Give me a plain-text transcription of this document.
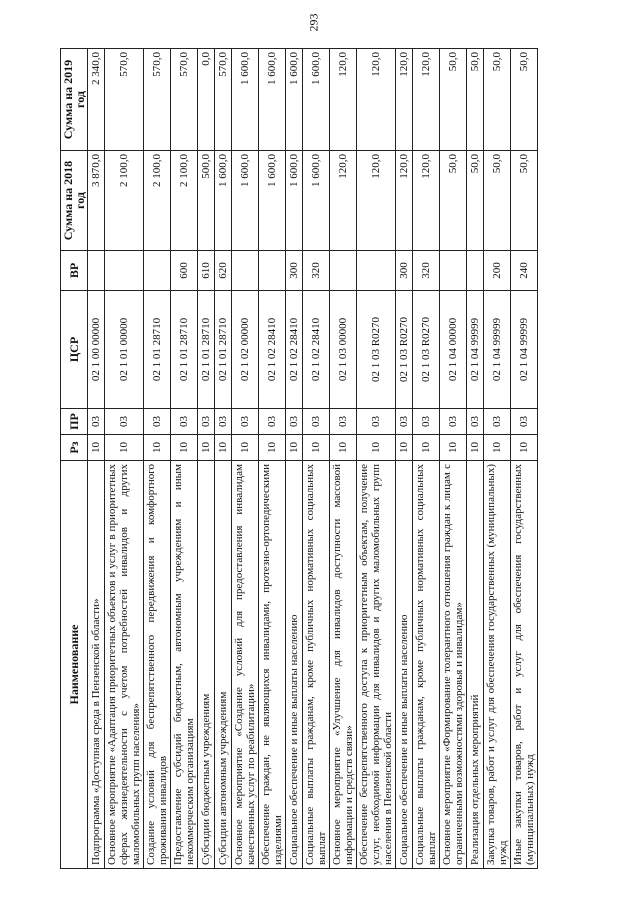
293
Наименование	Рз	ПР	ЦСР	ВР	Сумма на 2018 год	Сумма на 2019 год
Подпрограмма «Доступная среда в Пензенской области»	10	03	02 1 00 00000		3 870,0	2 340,0
Основное мероприятие «Адаптация приоритетных объектов и услуг в приоритетных сферах жизнедеятельности с учетом потребностей инвалидов и других маломобильных групп населения»	10	03	02 1 01 00000		2 100,0	570,0
Создание условий для беспрепятственного передвижения и комфортного проживания инвалидов	10	03	02 1 01 28710		2 100,0	570,0
Предоставление субсидий бюджетным, автономным учреждениям и иным некоммерческим организациям	10	03	02 1 01 28710	600	2 100,0	570,0
Субсидии бюджетным учреждениям	10	03	02 1 01 28710	610	500,0	0,0
Субсидии автономным учреждениям	10	03	02 1 01 28710	620	1 600,0	570,0
Основное мероприятие «Создание условий для предоставления инвалидам качественных услуг по реабилитации»	10	03	02 1 02 00000		1 600,0	1 600,0
Обеспечение граждан, не являющихся инвалидами, протезно-ортопедическими изделиями	10	03	02 1 02 28410		1 600,0	1 600,0
Социальное обеспечение и иные выплаты населению	10	03	02 1 02 28410	300	1 600,0	1 600,0
Социальные выплаты гражданам, кроме публичных нормативных социальных выплат	10	03	02 1 02 28410	320	1 600,0	1 600,0
Основное мероприятие «Улучшение для инвалидов доступности массовой информации и средств связи»	10	03	02 1 03 00000		120,0	120,0
Обеспечение беспрепятственного доступа к приоритетным объектам, получение услуг, необходимой информации для инвалидов и других маломобильных групп населения в Пензенской области	10	03	02 1 03 R0270		120,0	120,0
Социальное обеспечение и иные выплаты населению	10	03	02 1 03 R0270	300	120,0	120,0
Социальные выплаты гражданам, кроме публичных нормативных социальных выплат	10	03	02 1 03 R0270	320	120,0	120,0
Основное мероприятие «Формирование толерантного отношения граждан к лицам с ограниченными возможностями здоровья и инвалидам»	10	03	02 1 04 00000		50,0	50,0
Реализация отдельных мероприятий	10	03	02 1 04 99999		50,0	50,0
Закупка товаров, работ и услуг для обеспечения государственных (муниципальных) нужд	10	03	02 1 04 99999	200	50,0	50,0
Иные закупки товаров, работ и услуг для обеспечения государственных (муниципальных) нужд	10	03	02 1 04 99999	240	50,0	50,0
